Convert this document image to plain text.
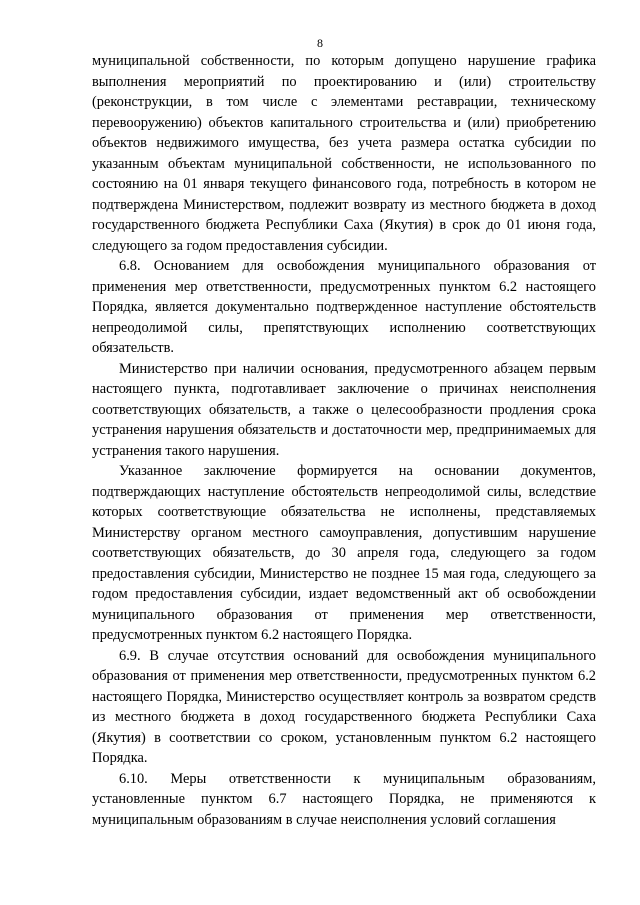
8

муниципальной собственности, по которым допущено нарушение графика выполнения мероприятий по проектированию и (или) строительству (реконструкции, в том числе с элементами реставрации, техническому перевооружению) объектов капитального строительства и (или) приобретению объектов недвижимого имущества, без учета размера остатка субсидии по указанным объектам муниципальной собственности, не использованного по состоянию на 01 января текущего финансового года, потребность в котором не подтверждена Министерством, подлежит возврату из местного бюджета в доход государственного бюджета Республики Саха (Якутия) в срок до 01 июня года, следующего за годом предоставления субсидии.

6.8. Основанием для освобождения муниципального образования от применения мер ответственности, предусмотренных пунктом 6.2 настоящего Порядка, является документально подтвержденное наступление обстоятельств непреодолимой силы, препятствующих исполнению соответствующих обязательств.

Министерство при наличии основания, предусмотренного абзацем первым настоящего пункта, подготавливает заключение о причинах неисполнения соответствующих обязательств, а также о целесообразности продления срока устранения нарушения обязательств и достаточности мер, предпринимаемых для устранения такого нарушения.

Указанное заключение формируется на основании документов, подтверждающих наступление обстоятельств непреодолимой силы, вследствие которых соответствующие обязательства не исполнены, представляемых Министерству органом местного самоуправления, допустившим нарушение соответствующих обязательств, до 30 апреля года, следующего за годом предоставления субсидии, Министерство не позднее 15 мая года, следующего за годом предоставления субсидии, издает ведомственный акт об освобождении муниципального образования от применения мер ответственности, предусмотренных пунктом 6.2 настоящего Порядка.

6.9. В случае отсутствия оснований для освобождения муниципального образования от применения мер ответственности, предусмотренных пунктом 6.2 настоящего Порядка, Министерство осуществляет контроль за возвратом средств из местного бюджета в доход государственного бюджета Республики Саха (Якутия) в соответствии со сроком, установленным пунктом 6.2 настоящего Порядка.

6.10. Меры ответственности к муниципальным образованиям, установленные пунктом 6.7 настоящего Порядка, не применяются к муниципальным образованиям в случае неисполнения условий соглашения
